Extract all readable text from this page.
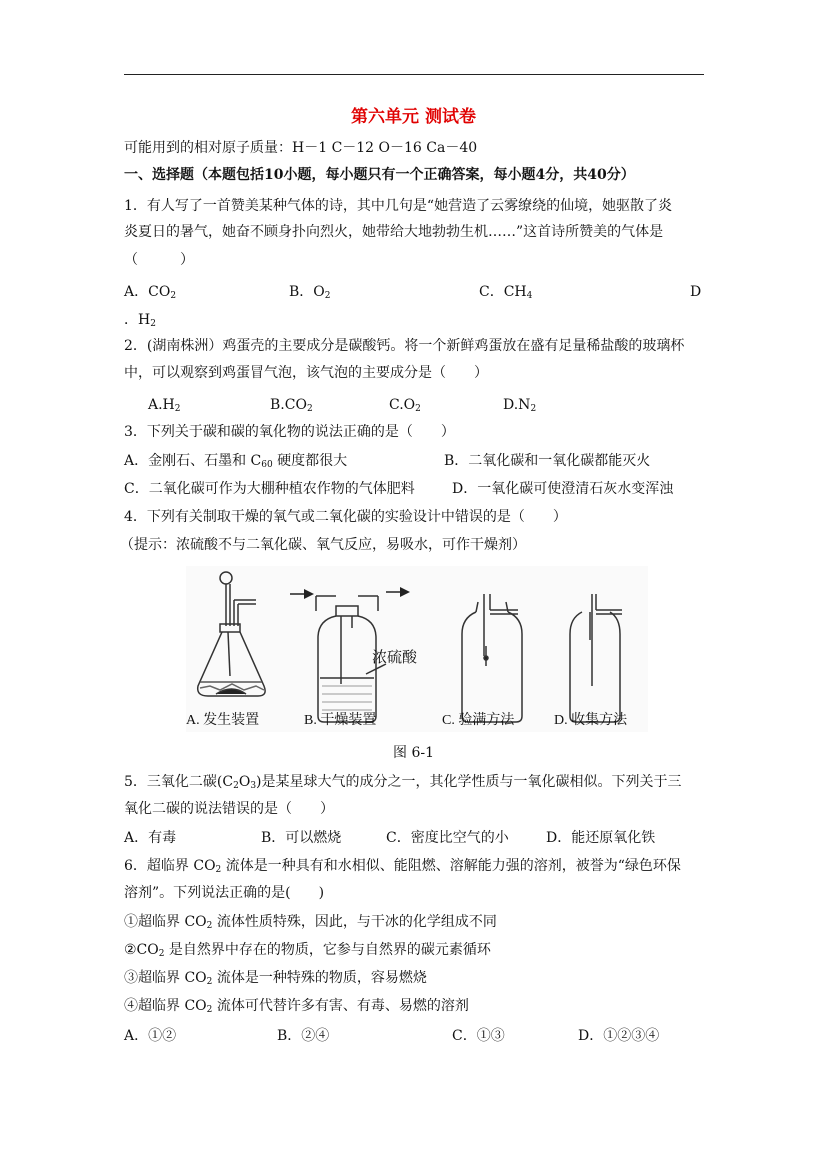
第六单元 测试卷
可能用到的相对原子质量：H－1 C－12 O－16 Ca－40
一、选择题（本题包括10小题，每小题只有一个正确答案，每小题4分，共40分）
1．有人写了一首赞美某种气体的诗，其中几句是“她营造了云雾缭绕的仙境，她驱散了炎
炎夏日的暑气，她奋不顾身扑向烈火，她带给大地勃勃生机……”这首诗所赞美的气体是
（　　　）
A．$CO_2$	B．$O_2$	C．$CH_4$	D
．$H_2$
2．(湖南株洲）鸡蛋壳的主要成分是碳酸钙。将一个新鲜鸡蛋放在盛有足量稀盐酸的玻璃杯
中，可以观察到鸡蛋冒气泡，该气泡的主要成分是（　　）
$A.H_2$	$B.CO_2$	$C.O_2$	$D.N_2$
3．下列关于碳和碳的氧化物的说法正确的是（　　）
A．金刚石、石墨和 $C_{60}$ 硬度都很大	B．二氧化碳和一氧化碳都能灭火
C．二氧化碳可作为大棚种植农作物的气体肥料	D．一氧化碳可使澄清石灰水变浑浊
4．下列有关制取干燥的氧气或二氧化碳的实验设计中错误的是（　　）
（提示：浓硫酸不与二氧化碳、氧气反应，易吸水，可作干燥剂）
浓硫酸
A. 发生装置	B. 干燥装置	C. 验满方法	D. 收集方法
图 6-1
5．三氧化二碳$(C_2O_3)$是某星球大气的成分之一，其化学性质与一氧化碳相似。下列关于三
氧化二碳的说法错误的是（　　）
A．有毒	B．可以燃烧	C．密度比空气的小	D．能还原氧化铁
6．超临界 $CO_2$ 流体是一种具有和水相似、能阻燃、溶解能力强的溶剂，被誉为“绿色环保
溶剂”。下列说法正确的是(　　)
①超临界 $CO_2$ 流体性质特殊，因此，与干冰的化学组成不同
$②CO_2$ 是自然界中存在的物质，它参与自然界的碳元素循环
③超临界 $CO_2$ 流体是一种特殊的物质，容易燃烧
④超临界 $CO_2$ 流体可代替许多有害、有毒、易燃的溶剂
A．①②	B．②④	C．①③	D．①②③④
